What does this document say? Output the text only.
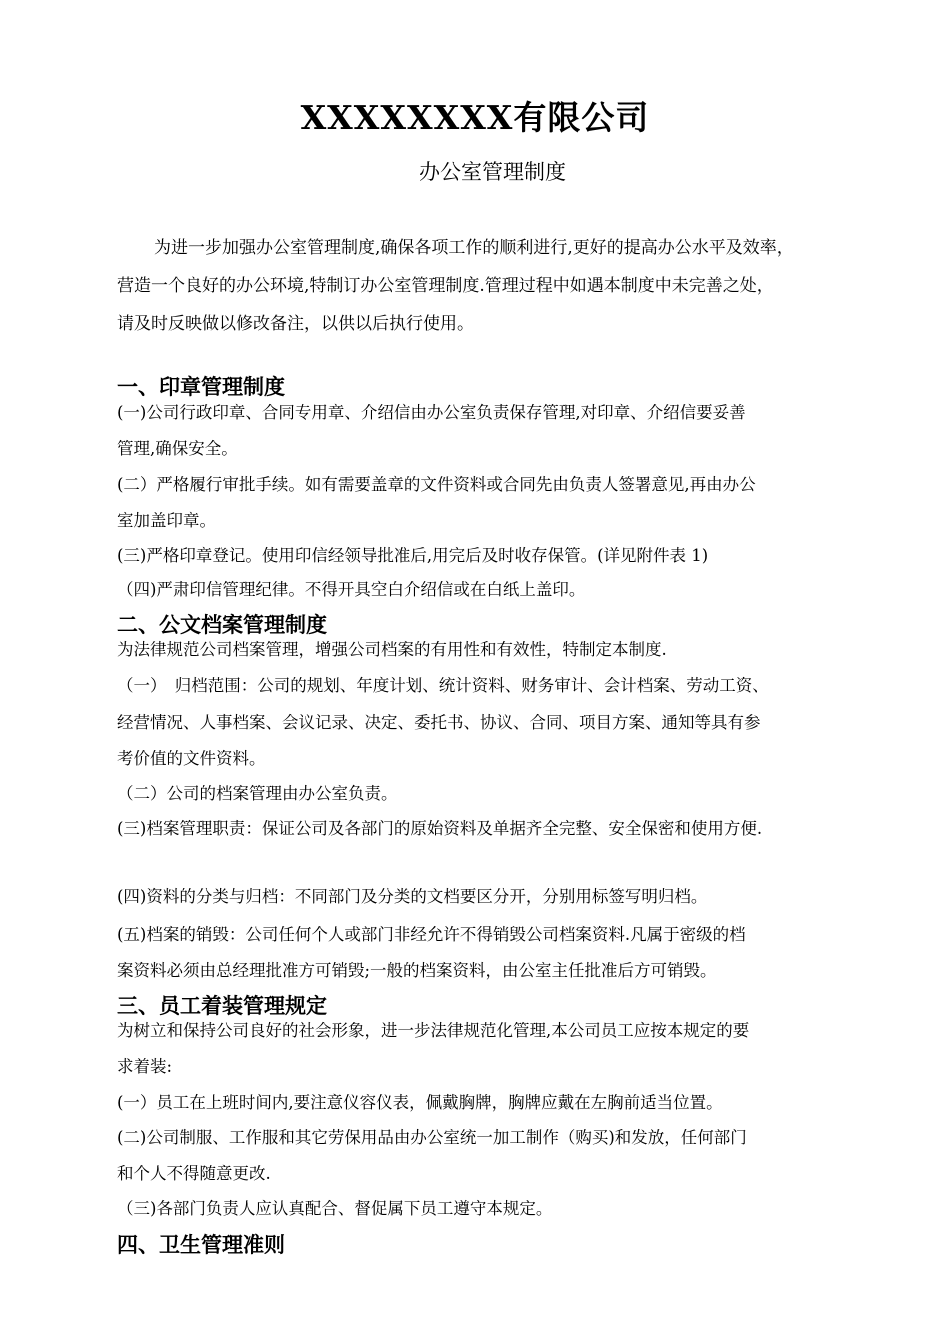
XXXXXXXX有限公司
办公室管理制度

为进一步加强办公室管理制度,确保各项工作的顺利进行,更好的提高办公水平及效率，

营造一个良好的办公环境,特制订办公室管理制度.管理过程中如遇本制度中未完善之处，

请及时反映做以修改备注，以供以后执行使用。

一、印章管理制度
(一)公司行政印章、合同专用章、介绍信由办公室负责保存管理,对印章、介绍信要妥善
管理,确保安全。
(二）严格履行审批手续。如有需要盖章的文件资料或合同先由负责人签署意见,再由办公
室加盖印章。
(三)严格印章登记。使用印信经领导批准后,用完后及时收存保管。(详见附件表 1)
（四)严肃印信管理纪律。不得开具空白介绍信或在白纸上盖印。
二、公文档案管理制度
为法律规范公司档案管理，增强公司档案的有用性和有效性，特制定本制度.
（一）　归档范围：公司的规划、年度计划、统计资料、财务审计、会计档案、劳动工资、
经营情况、人事档案、会议记录、决定、委托书、协议、合同、项目方案、通知等具有参
考价值的文件资料。
（二）公司的档案管理由办公室负责。
(三)档案管理职责：保证公司及各部门的原始资料及单据齐全完整、安全保密和使用方便.
(四)资料的分类与归档：不同部门及分类的文档要区分开，分别用标签写明归档。
(五)档案的销毁：公司任何个人或部门非经允许不得销毁公司档案资料.凡属于密级的档
案资料必须由总经理批准方可销毁;一般的档案资料，由公室主任批准后方可销毁。
三、员工着装管理规定
为树立和保持公司良好的社会形象，进一步法律规范化管理,本公司员工应按本规定的要
求着装:
(一）员工在上班时间内,要注意仪容仪表，佩戴胸牌，胸牌应戴在左胸前适当位置。
(二)公司制服、工作服和其它劳保用品由办公室统一加工制作（购买)和发放，任何部门
和个人不得随意更改.
（三)各部门负责人应认真配合、督促属下员工遵守本规定。
四、卫生管理准则
